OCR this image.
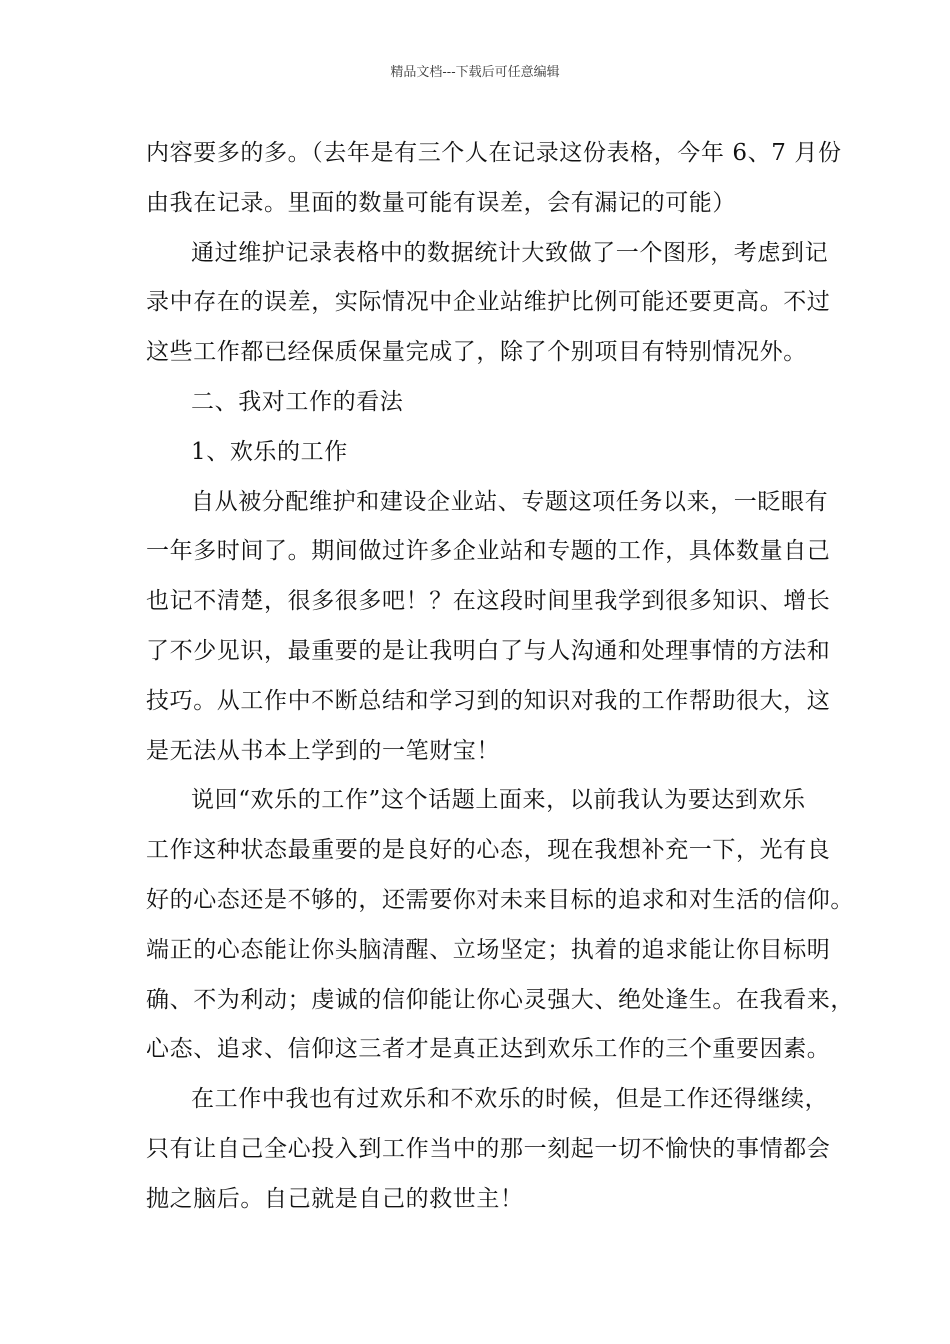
精品文档---下载后可任意编辑
内容要多的多。（去年是有三个人在记录这份表格，今年 6、7 月份
由我在记录。里面的数量可能有误差，会有漏记的可能）
通过维护记录表格中的数据统计大致做了一个图形，考虑到记
录中存在的误差，实际情况中企业站维护比例可能还要更高。不过
这些工作都已经保质保量完成了，除了个别项目有特别情况外。
二、我对工作的看法
1、欢乐的工作
自从被分配维护和建设企业站、专题这项任务以来，一眨眼有
一年多时间了。期间做过许多企业站和专题的工作，具体数量自己
也记不清楚，很多很多吧！？在这段时间里我学到很多知识、增长
了不少见识，最重要的是让我明白了与人沟通和处理事情的方法和
技巧。从工作中不断总结和学习到的知识对我的工作帮助很大，这
是无法从书本上学到的一笔财宝！
说回“欢乐的工作”这个话题上面来，以前我认为要达到欢乐
工作这种状态最重要的是良好的心态，现在我想补充一下，光有良
好的心态还是不够的，还需要你对未来目标的追求和对生活的信仰。
端正的心态能让你头脑清醒、立场坚定；执着的追求能让你目标明
确、不为利动；虔诚的信仰能让你心灵强大、绝处逢生。在我看来，
心态、追求、信仰这三者才是真正达到欢乐工作的三个重要因素。
在工作中我也有过欢乐和不欢乐的时候，但是工作还得继续，
只有让自己全心投入到工作当中的那一刻起一切不愉快的事情都会
抛之脑后。自己就是自己的救世主！
